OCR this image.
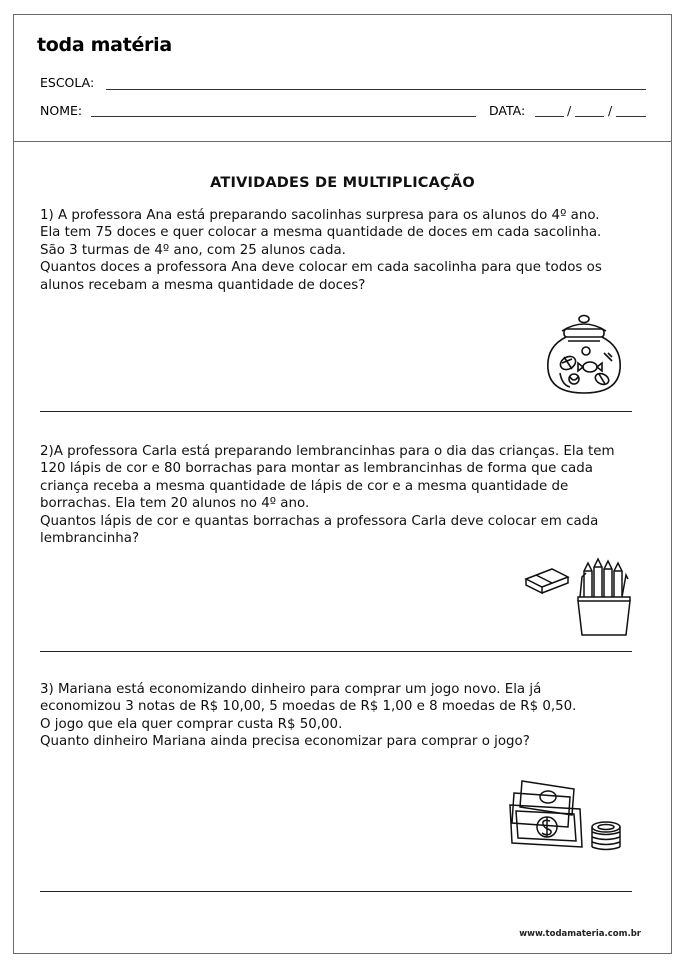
toda matéria
ESCOLA:
NOME:	DATA:	/	/
ATIVIDADES DE MULTIPLICAÇÃO

1) A professora Ana está preparando sacolinhas surpresa para os alunos do 4º ano.
Ela tem 75 doces e quer colocar a mesma quantidade de doces em cada sacolinha.
São 3 turmas de 4º ano, com 25 alunos cada.
Quantos doces a professora Ana deve colocar em cada sacolinha para que todos os
alunos recebam a mesma quantidade de doces?

2)A professora Carla está preparando lembrancinhas para o dia das crianças. Ela tem
120 lápis de cor e 80 borrachas para montar as lembrancinhas de forma que cada
criança receba a mesma quantidade de lápis de cor e a mesma quantidade de
borrachas. Ela tem 20 alunos no 4º ano.
Quantos lápis de cor e quantas borrachas a professora Carla deve colocar em cada
lembrancinha?

3) Mariana está economizando dinheiro para comprar um jogo novo. Ela já
economizou 3 notas de R$ 10,00, 5 moedas de R$ 1,00 e 8 moedas de R$ 0,50.
O jogo que ela quer comprar custa R$ 50,00.
Quanto dinheiro Mariana ainda precisa economizar para comprar o jogo?

www.todamateria.com.br
